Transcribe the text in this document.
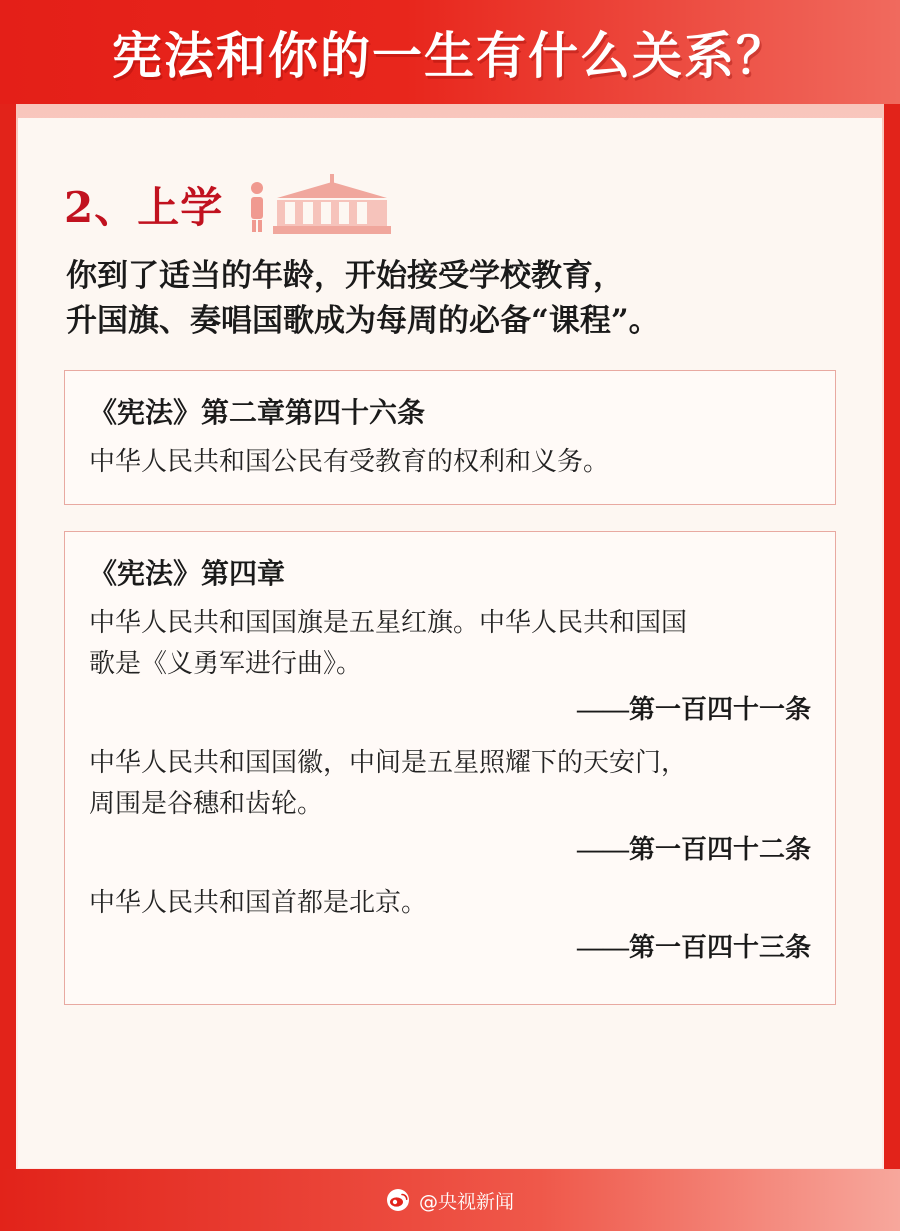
宪法和你的一生有什么关系？
2、上学
你到了适当的年龄，开始接受学校教育，
升国旗、奏唱国歌成为每周的必备“课程”。
《宪法》第二章第四十六条
中华人民共和国公民有受教育的权利和义务。
《宪法》第四章

中华人民共和国国旗是五星红旗。中华人民共和国国

歌是《义勇军进行曲》。

——第一百四十一条

中华人民共和国国徽，中间是五星照耀下的天安门，

周围是谷穗和齿轮。

——第一百四十二条

中华人民共和国首都是北京。

——第一百四十三条
@央视新闻
